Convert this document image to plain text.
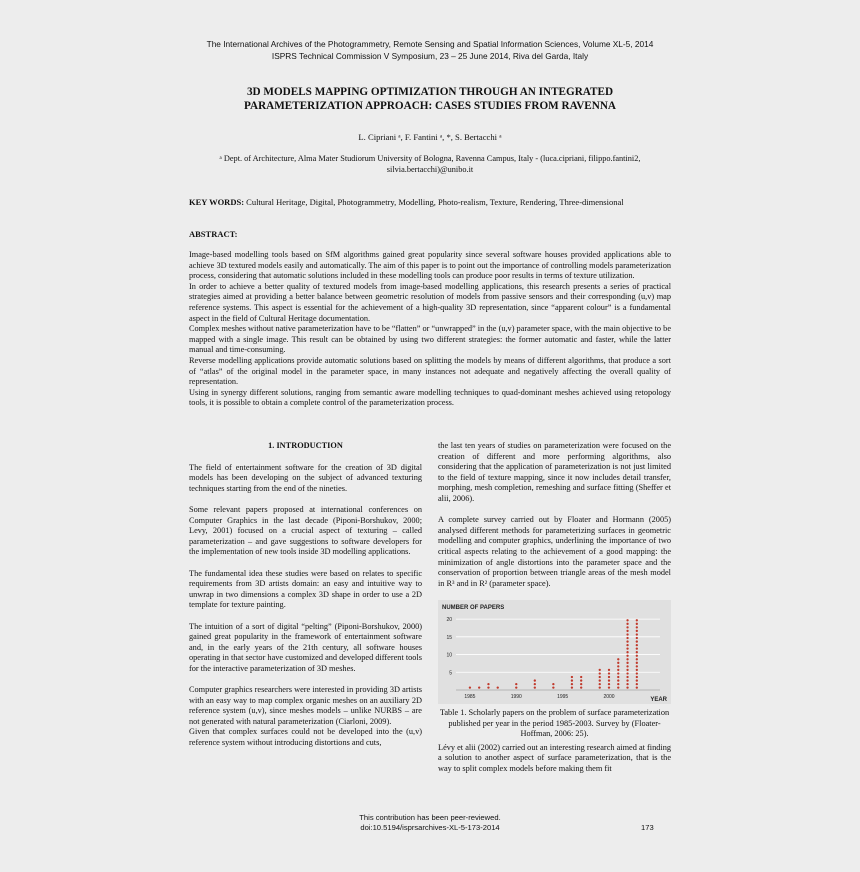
The International Archives of the Photogrammetry, Remote Sensing and Spatial Information Sciences, Volume XL-5, 2014
ISPRS Technical Commission V Symposium, 23 – 25 June 2014, Riva del Garda, Italy
3D MODELS MAPPING OPTIMIZATION THROUGH AN INTEGRATED
PARAMETERIZATION APPROACH: CASES STUDIES FROM RAVENNA
L. Cipriani ᵃ, F. Fantini ᵃ, *, S. Bertacchi ᵃ
ᵃ Dept. of Architecture, Alma Mater Studiorum University of Bologna, Ravenna Campus, Italy - (luca.cipriani, filippo.fantini2,
silvia.bertacchi)@unibo.it
KEY WORDS: Cultural Heritage, Digital, Photogrammetry, Modelling, Photo-realism, Texture, Rendering, Three-dimensional
ABSTRACT:

Image-based modelling tools based on SfM algorithms gained great popularity since several software houses provided applications able to achieve 3D textured models easily and automatically. The aim of this paper is to point out the importance of controlling models parameterization process, considering that automatic solutions included in these modelling tools can produce poor results in terms of texture utilization.

In order to achieve a better quality of textured models from image-based modelling applications, this research presents a series of practical strategies aimed at providing a better balance between geometric resolution of models from passive sensors and their corresponding (u,v) map reference systems. This aspect is essential for the achievement of a high-quality 3D representation, since “apparent colour” is a fundamental aspect in the field of Cultural Heritage documentation.

Complex meshes without native parameterization have to be “flatten” or “unwrapped” in the (u,v) parameter space, with the main objective to be mapped with a single image. This result can be obtained by using two different strategies: the former automatic and faster, while the latter manual and time-consuming.

Reverse modelling applications provide automatic solutions based on splitting the models by means of different algorithms, that produce a sort of “atlas” of the original model in the parameter space, in many instances not adequate and negatively affecting the overall quality of representation.

Using in synergy different solutions, ranging from semantic aware modelling techniques to quad-dominant meshes achieved using retopology tools, it is possible to obtain a complete control of the parameterization process.

1. INTRODUCTION

The field of entertainment software for the creation of 3D digital models has been developing on the subject of advanced texturing techniques starting from the end of the nineties.

Some relevant papers proposed at international conferences on Computer Graphics in the last decade (Piponi-Borshukov, 2000; Levy, 2001) focused on a crucial aspect of texturing – called parameterization – and gave suggestions to software developers for the implementation of new tools inside 3D modelling applications.

The fundamental idea these studies were based on relates to specific requirements from 3D artists domain: an easy and intuitive way to unwrap in two dimensions a complex 3D shape in order to use a 2D template for texture painting.

The intuition of a sort of digital “pelting” (Piponi-Borshukov, 2000) gained great popularity in the framework of entertainment software and, in the early years of the 21th century, all software houses operating in that sector have customized and developed different tools for the interactive parameterization of 3D meshes.

Computer graphics researchers were interested in providing 3D artists with an easy way to map complex organic meshes on an auxiliary 2D reference system (u,v), since meshes models – unlike NURBS – are not generated with natural parameterization (Ciarloni, 2009).

Given that complex surfaces could not be developed into the (u,v) reference system without introducing distortions and cuts,

the last ten years of studies on parameterization were focused on the creation of different and more performing algorithms, also considering that the application of parameterization is not just limited to the field of texture mapping, since it now includes detail transfer, morphing, mesh completion, remeshing and surface fitting (Sheffer et alii, 2006).

A complete survey carried out by Floater and Hormann (2005) analysed different methods for parameterizing surfaces in geometric modelling and computer graphics, underlining the importance of two critical aspects relating to the achievement of a good mapping: the minimization of angle distortions into the parameter space and the conservation of proportion between triangle areas of the mesh model in R³ and in R² (parameter space).

NUMBER OF PAPERS
5
10
15
20
1985	1990	1995	2000	YEAR
Table 1. Scholarly papers on the problem of surface parameterization published per year in the period 1985-2003. Survey by (Floater-Hoffman, 2006: 25).

Lévy et alii (2002) carried out an interesting research aimed at finding a solution to another aspect of surface parameterization, that is the way to split complex models before making them fit

This contribution has been peer-reviewed.
doi:10.5194/isprsarchives-XL-5-173-2014	173
